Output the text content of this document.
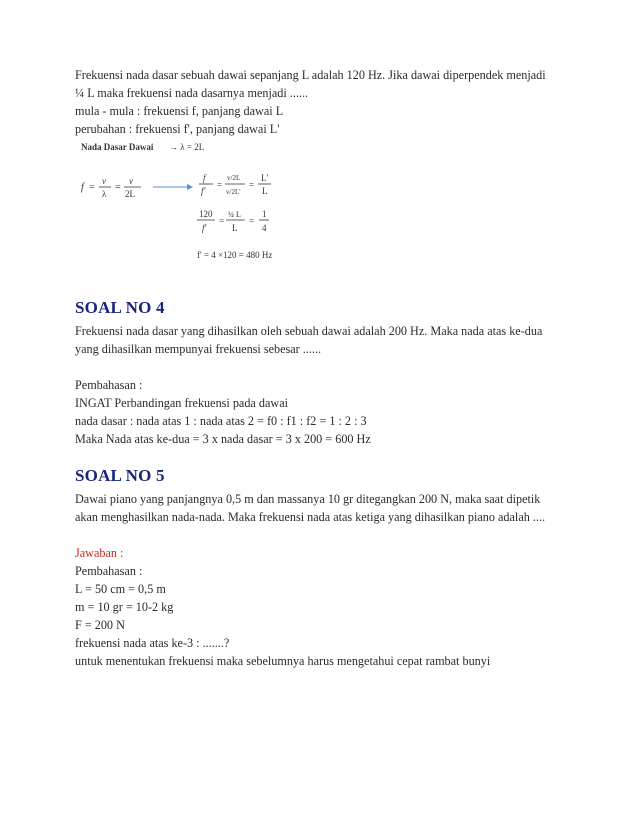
Frekuensi nada dasar sebuah dawai sepanjang L adalah 120 Hz. Jika dawai diperpendek menjadi

¼ L maka frekuensi nada dasarnya menjadi ......

mula - mula : frekuensi f, panjang dawai L

perubahan : frekuensi f', panjang dawai L'

Nada Dasar Dawai → λ = 2L
f =
v
λ
=
v
2L
f
f'
=
v/2L
v/2L'
=
L'
L
120
f'
=
¼ L
L
=
1
4
f' = 4 ×120 = 480 Hz
SOAL NO 4

Frekuensi nada dasar yang dihasilkan oleh sebuah dawai adalah 200 Hz. Maka nada atas ke-dua

yang dihasilkan mempunyai frekuensi sebesar ......

Pembahasan :

INGAT Perbandingan frekuensi pada dawai

nada dasar : nada atas 1 : nada atas 2 = f0 : f1 : f2 = 1 : 2 : 3

Maka Nada atas ke-dua = 3 x nada dasar = 3 x 200 = 600 Hz

SOAL NO 5

Dawai piano yang panjangnya 0,5 m dan massanya 10 gr ditegangkan 200 N, maka saat dipetik

akan menghasilkan nada-nada. Maka frekuensi nada atas ketiga yang dihasilkan piano adalah ....

Jawaban :

Pembahasan :

L = 50 cm = 0,5 m

m = 10 gr = 10-2 kg

F = 200 N

frekuensi nada atas ke-3 : .......?

untuk menentukan frekuensi maka sebelumnya harus mengetahui cepat rambat bunyi
